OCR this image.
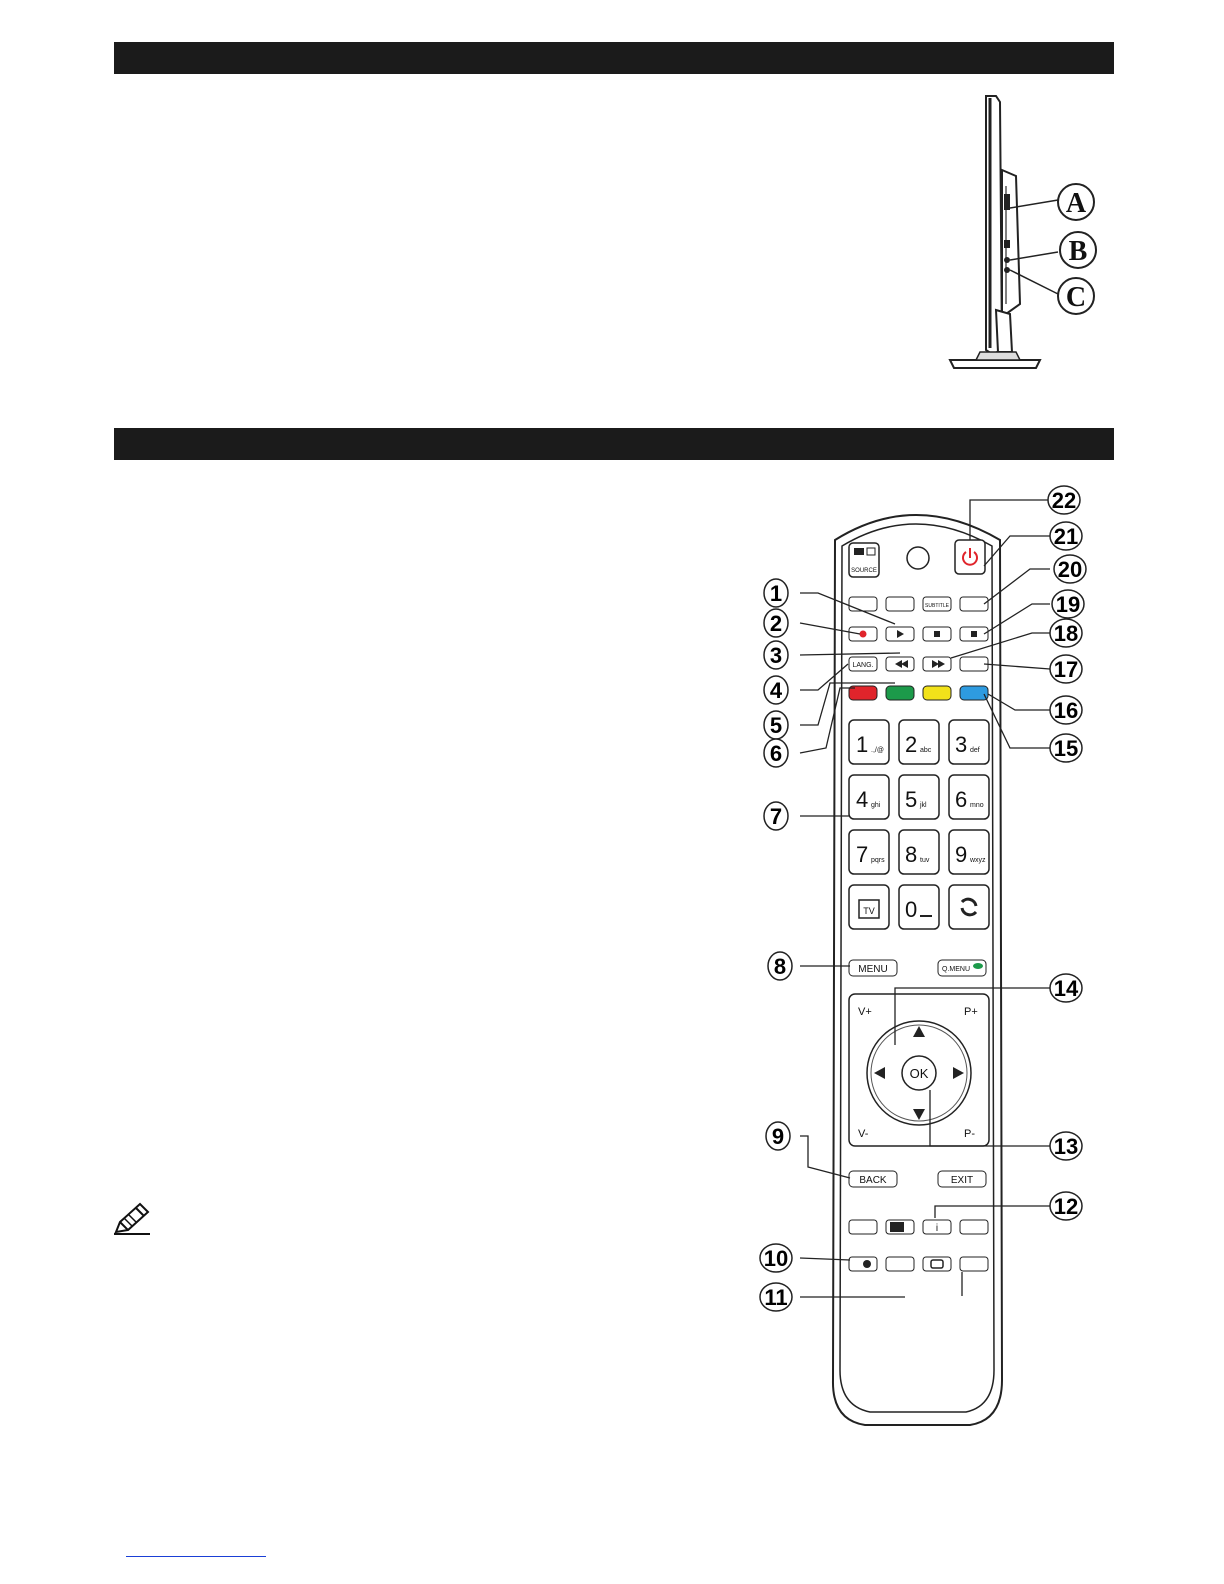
A
B
C
SOURCE
SUBTITLE
LANG.
1 .,/@ 2 abc 3 def
4 ghi 5 jkl 6 mno
7 pqrs 8 tuv 9 wxyz
TV 0
MENU	Q.MENU
V+	P+
V-	P-
OK
BACK	EXIT
i
1
2
3
4
5
6
7
8
9
10
11
12
13
14
15
16
17
18
19
20
21
22
